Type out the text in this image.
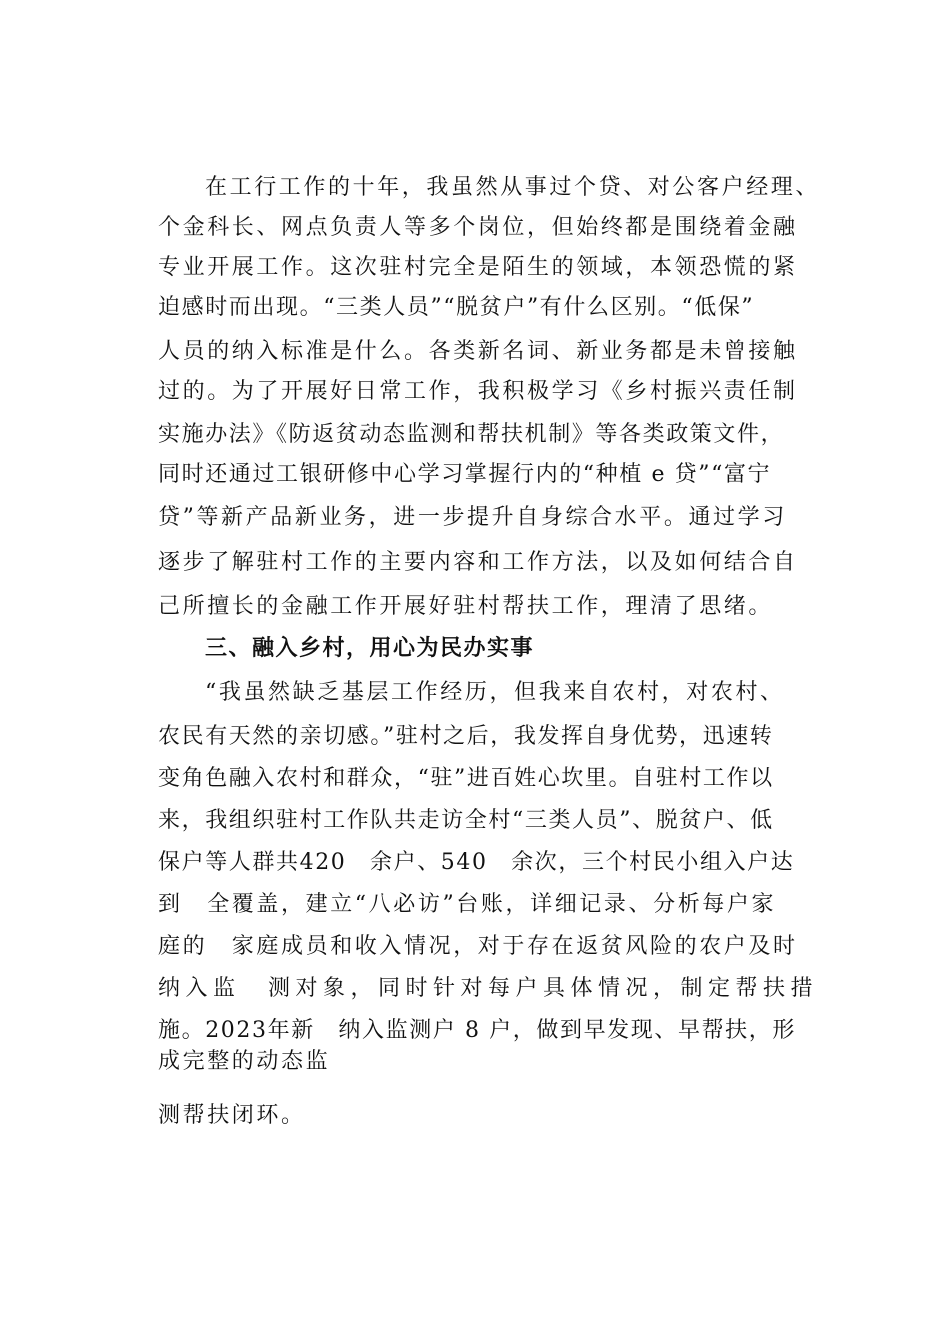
在工行工作的十年，我虽然从事过个贷、对公客户经理、
个金科长、网点负责人等多个岗位，但始终都是围绕着金融
专业开展工作。这次驻村完全是陌生的领域，本领恐慌的紧
迫感时而出现。“三类人员”“脱贫户”有什么区别。“低保”
人员的纳入标准是什么。各类新名词、新业务都是未曾接触
过的。为了开展好日常工作，我积极学习《乡村振兴责任制
实施办法》《防返贫动态监测和帮扶机制》等各类政策文件，
同时还通过工银研修中心学习掌握行内的“种植 e 贷”“富宁
贷”等新产品新业务，进一步提升自身综合水平。通过学习
逐步了解驻村工作的主要内容和工作方法，以及如何结合自
己所擅长的金融工作开展好驻村帮扶工作，理清了思绪。
三、融入乡村，用心为民办实事
“我虽然缺乏基层工作经历，但我来自农村，对农村、
农民有天然的亲切感。”驻村之后，我发挥自身优势，迅速转
变角色融入农村和群众，“驻”进百姓心坎里。自驻村工作以
来，我组织驻村工作队共走访全村“三类人员”、脱贫户、低
保户等人群共420　余户、540　余次，三个村民小组入户达
到　全覆盖，建立“八必访”台账，详细记录、分析每户家
庭的　家庭成员和收入情况，对于存在返贫风险的农户及时
纳入监　测对象，同时针对每户具体情况，制定帮扶措
施。2023年新　纳入监测户 8 户，做到早发现、早帮扶，形
成完整的动态监
测帮扶闭环。
